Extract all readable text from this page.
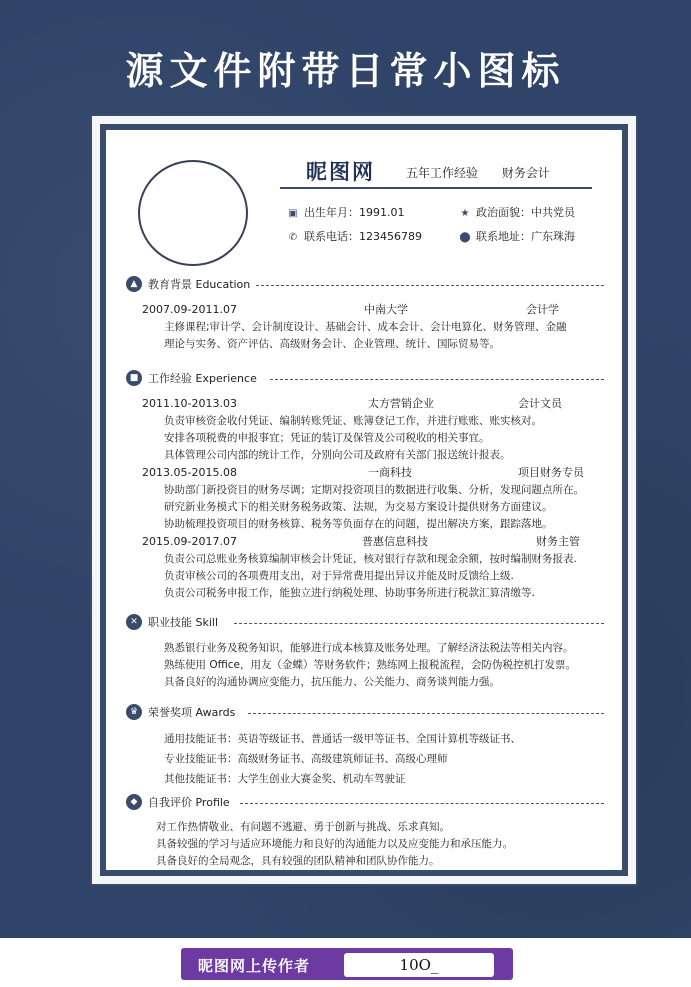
源文件附带日常小图标
昵图网	五年工作经验 财务会计
▣ 出生年月：1991.01	★ 政治面貌：中共党员
✆ 联系电话：123456789	⬤ 联系地址：广东珠海
▲ 教育背景 Education
2007.09-2011.07	中南大学	会计学
主修课程;审计学、会计制度设计、基础会计、成本会计、会计电算化、财务管理、金融
理论与实务、资产评估、高级财务会计、企业管理、统计、国际贸易等。
■ 工作经验 Experience
2011.10-2013.03	太方营销企业	会计文员
负责审核资金收付凭证、编制转账凭证、账簿登记工作，并进行账账、账实核对。
安排各项税费的申报事宜；凭证的装订及保管及公司税收的相关事宜。
具体管理公司内部的统计工作，分别向公司及政府有关部门报送统计报表。
2013.05-2015.08	一商科技	项目财务专员
协助部门新投资目的财务尽调；定期对投资项目的数据进行收集、分析，发现问题点所在。
研究新业务模式下的相关财务税务政策、法规，为交易方案设计提供财务方面建议。
协助梳理投资项目的财务核算、税务等负面存在的问题，提出解决方案，跟踪落地。
2015.09-2017.07	普惠信息科技	财务主管
负责公司总账业务核算编制审核会计凭证，核对银行存款和现金余额，按时编制财务报表.
负责审核公司的各项费用支出，对于异常费用提出异议并能及时反馈给上级.
负责公司税务申报工作，能独立进行纳税处理、协助事务所进行税款汇算清缴等.
✕ 职业技能 Skill
熟悉银行业务及税务知识，能够进行成本核算及账务处理。了解经济法税法等相关内容。
熟练使用 Office，用友（金蝶）等财务软件；熟练网上报税流程，会防伪税控机打发票。
具备良好的沟通协调应变能力，抗压能力、公关能力、商务谈判能力强。
♛ 荣誉奖项 Awards
通用技能证书：英语等级证书、普通话一级甲等证书、全国计算机等级证书、
专业技能证书：高级财务证书、高级建筑师证书、高级心理师
其他技能证书：大学生创业大赛金奖、机动车驾驶证
◆ 自我评价 Profile
对工作热情敬业、有问题不逃避、勇于创新与挑战、乐求真知。
具备较强的学习与适应环境能力和良好的沟通能力以及应变能力和承压能力。
具备良好的全局观念，具有较强的团队精神和团队协作能力。
昵图网上传作者	10O_
